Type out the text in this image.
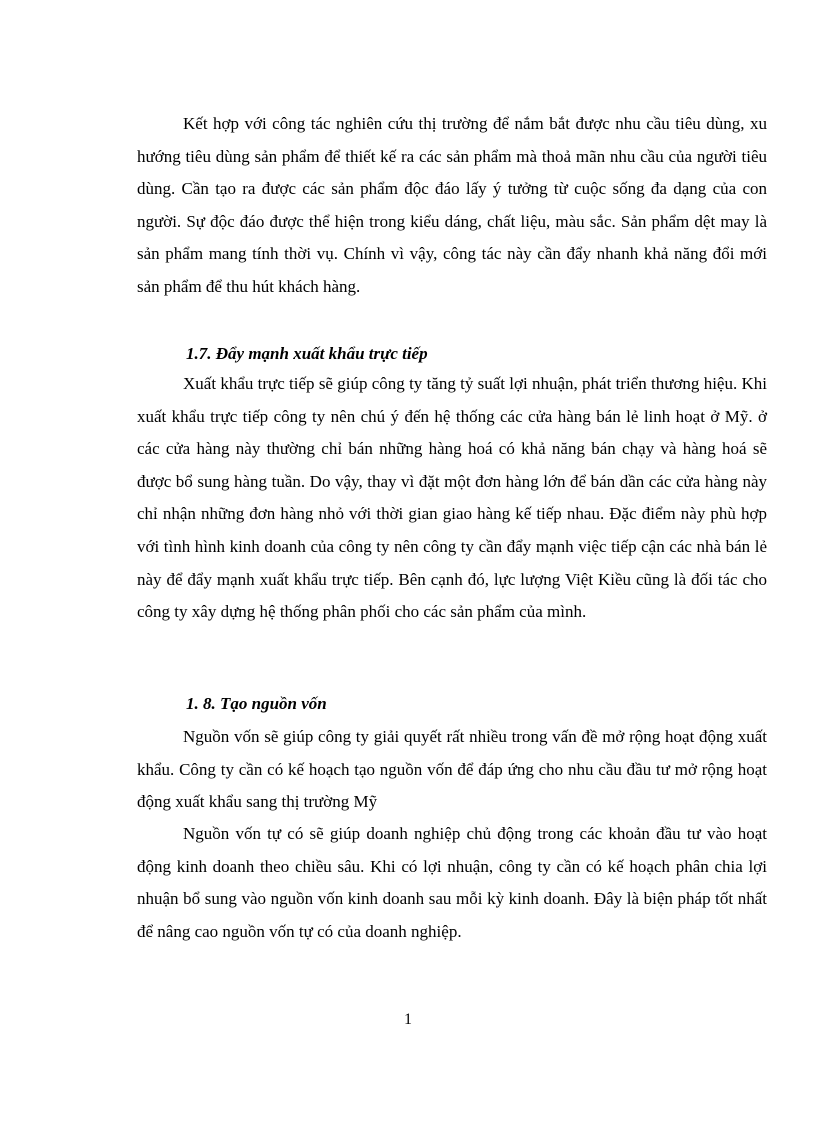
Kết hợp với công tác nghiên cứu thị trường để nắm bắt được nhu cầu tiêu dùng, xu hướng tiêu dùng sản phẩm để thiết kế ra các sản phẩm mà thoả mãn nhu cầu của người tiêu dùng. Cần tạo ra được các sản phẩm độc đáo lấy ý tưởng từ cuộc sống đa dạng của con người. Sự độc đáo được thể hiện trong kiểu dáng, chất liệu, màu sắc. Sản phẩm dệt may là sản phẩm mang tính thời vụ. Chính vì vậy, công tác này cần đẩy nhanh khả năng đổi mới sản phẩm để thu hút khách hàng.

1.7. Đẩy mạnh xuất khẩu trực tiếp

Xuất khẩu trực tiếp sẽ giúp công ty tăng tỷ suất lợi nhuận, phát triển thương hiệu. Khi xuất khẩu trực tiếp công ty nên chú ý đến hệ thống các cửa hàng bán lẻ linh hoạt ở Mỹ. ở các cửa hàng này thường chỉ bán những hàng hoá có khả năng bán chạy và hàng hoá sẽ được bổ sung hàng tuần. Do vậy, thay vì đặt một đơn hàng lớn để bán dần các cửa hàng này chỉ nhận những đơn hàng nhỏ với thời gian giao hàng kế tiếp nhau. Đặc điểm này phù hợp với tình hình kinh doanh của công ty nên công ty cần đẩy mạnh việc tiếp cận các nhà bán lẻ này để đẩy mạnh xuất khẩu trực tiếp. Bên cạnh đó, lực lượng Việt Kiều cũng là đối tác cho công ty xây dựng hệ thống phân phối cho các sản phẩm của mình.

1. 8. Tạo nguồn vốn

Nguồn vốn sẽ giúp công ty giải quyết rất nhiều trong vấn đề mở rộng hoạt động xuất khẩu. Công ty cần có kế hoạch tạo nguồn vốn để đáp ứng cho nhu cầu đầu tư mở rộng hoạt động xuất khẩu sang thị trường Mỹ

Nguồn vốn tự có sẽ giúp doanh nghiệp chủ động trong các khoản đầu tư vào hoạt động kinh doanh theo chiều sâu. Khi có lợi nhuận, công ty cần có kế hoạch phân chia lợi nhuận bổ sung vào nguồn vốn kinh doanh sau mỗi kỳ kinh doanh. Đây là biện pháp tốt nhất để nâng cao nguồn vốn tự có của doanh nghiệp.

1
